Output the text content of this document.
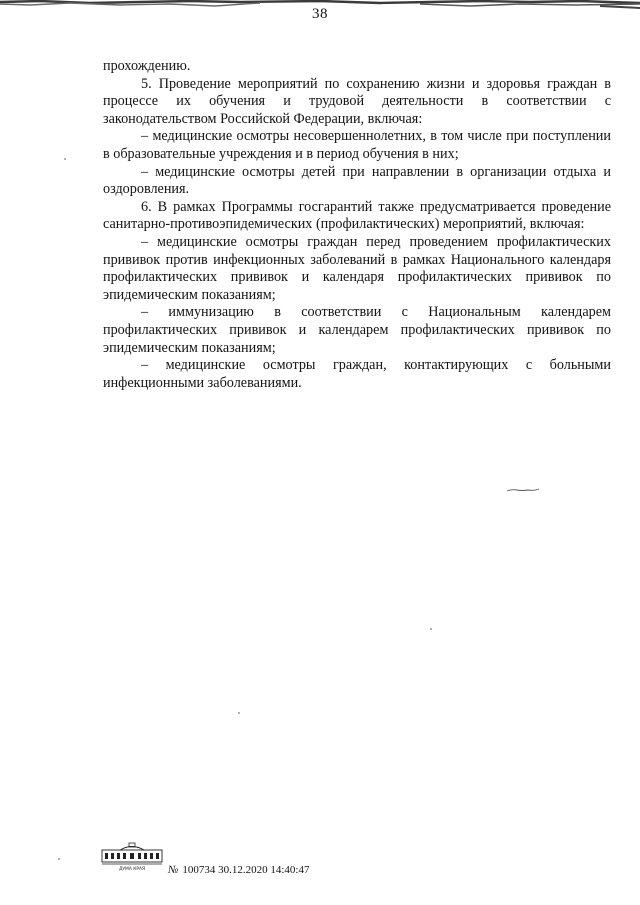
38

прохождению.

5. Проведение мероприятий по сохранению жизни и здоровья граждан в процессе их обучения и трудовой деятельности в соответствии с законодательством Российской Федерации, включая:

– медицинские осмотры несовершеннолетних, в том числе при поступлении в образовательные учреждения и в период обучения в них;

– медицинские осмотры детей при направлении в организации отдыха и оздоровления.

6. В рамках Программы госгарантий также предусматривается проведение санитарно-противоэпидемических (профилактических) мероприятий, включая:

– медицинские осмотры граждан перед проведением профилактических прививок против инфекционных заболеваний в рамках Национального календаря профилактических прививок и календаря профилактических прививок по эпидемическим показаниям;

– иммунизацию в соответствии с Национальным календарем профилактических прививок и календарем профилактических прививок по эпидемическим показаниям;

– медицинские осмотры граждан, контактирующих с больными инфекционными заболеваниями.

ДУМА КРАЯ № 100734 30.12.2020 14:40:47
